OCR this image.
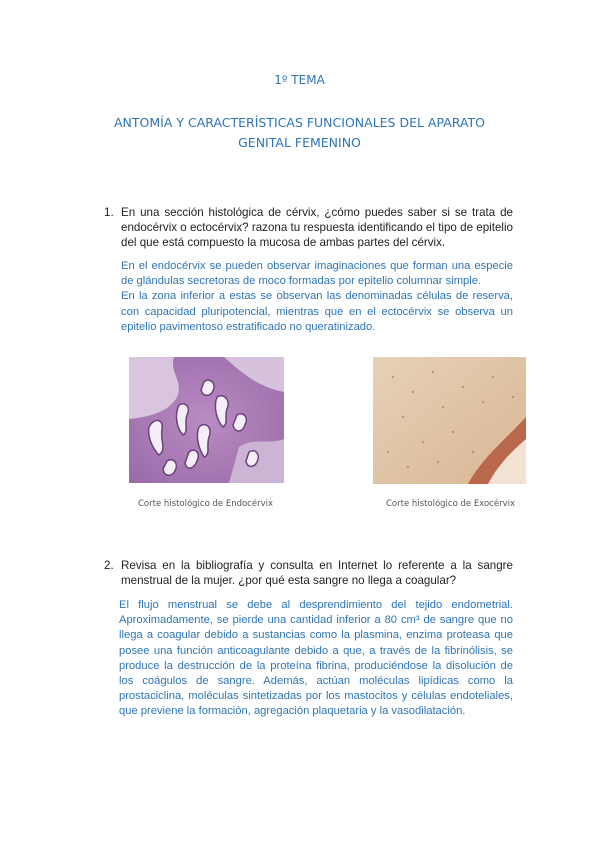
1º TEMA
ANTOMÍA Y CARACTERÍSTICAS FUNCIONALES DEL APARATO GENITAL FEMENINO
1. En una sección histológica de cérvix, ¿cómo puedes saber si se trata de endocérvix o ectocérvix? razona tu respuesta identificando el tipo de epitelio del que está compuesto la mucosa de ambas partes del cérvix.

En el endocérvix se pueden observar imaginaciones que forman una especie de glándulas secretoras de moco formadas por epitelio columnar simple.

En la zona inferior a estas se observan las denominadas células de reserva, con capacidad pluripotencial, mientras que en el ectocérvix se observa un epitelio pavimentoso estratificado no queratinizado.

Corte histológico de Endocérvix	Corte histológico de Exocérvix
2. Revisa en la bibliografía y consulta en Internet lo referente a la sangre menstrual de la mujer. ¿por qué esta sangre no llega a coagular?

El flujo menstrual se debe al desprendimiento del tejido endometrial. Aproximadamente, se pierde una cantidad inferior a 80 cm³ de sangre que no llega a coagular debido a sustancias como la plasmina, enzima proteasa que posee una función anticoagulante debido a que, a través de la fibrinólisis, se produce la destrucción de la proteína fibrina, produciéndose la disolución de los coágulos de sangre. Además, actúan moléculas lipídicas como la prostaciclina, moléculas sintetizadas por los mastocitos y células endoteliales, que previene la formación, agregación plaquetaria y la vasodilatación.
